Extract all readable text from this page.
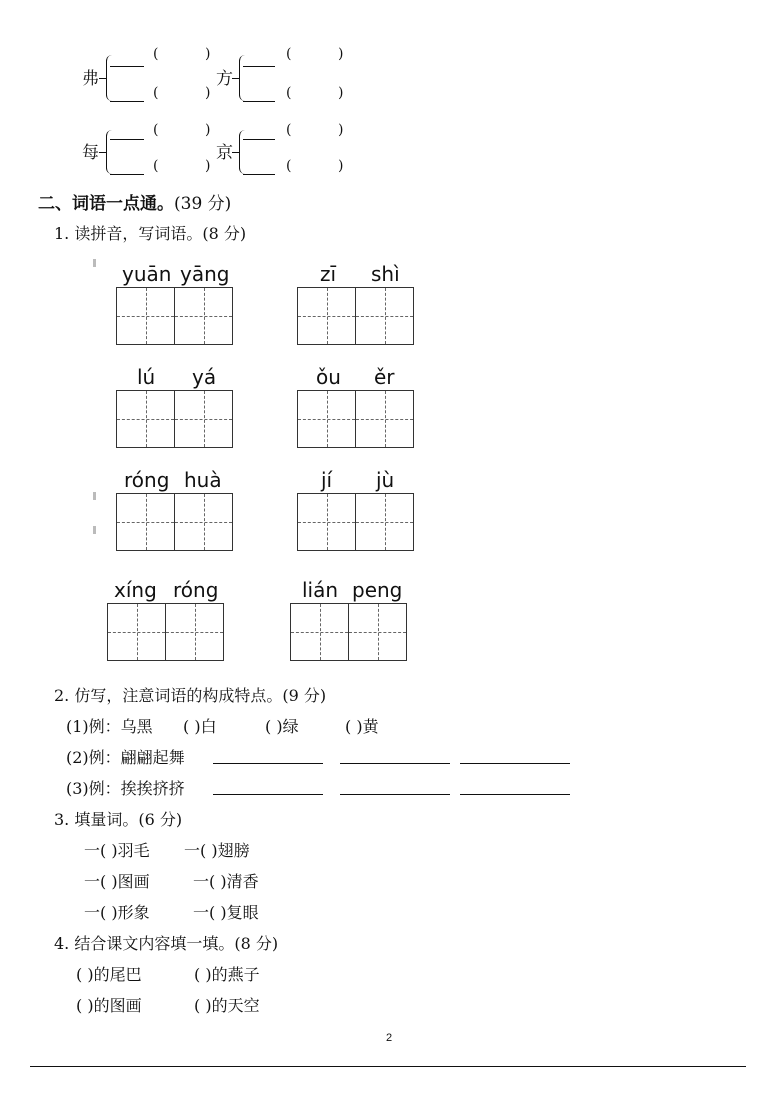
弗
(	)
(	)
方
(	)
(	)
每
(	)
(	)
京
(	)
(	)
二、词语一点通。(39 分)
1. 读拼音，写词语。(8 分)
yuān yāng	zī shì
lú yá	ǒu ěr
róng huà	jí jù
xíng róng	lián peng
2. 仿写，注意词语的构成特点。(9 分)
(1)例：乌黑 ( )白	( )绿	( )黄
(2)例：翩翩起舞
(3)例：挨挨挤挤
3. 填量词。(6 分)
一( )羽毛 一( )翅膀
一( )图画	一( )清香
一( )形象	一( )复眼
4. 结合课文内容填一填。(8 分)
( )的尾巴	( )的燕子
( )的图画	( )的天空
2
